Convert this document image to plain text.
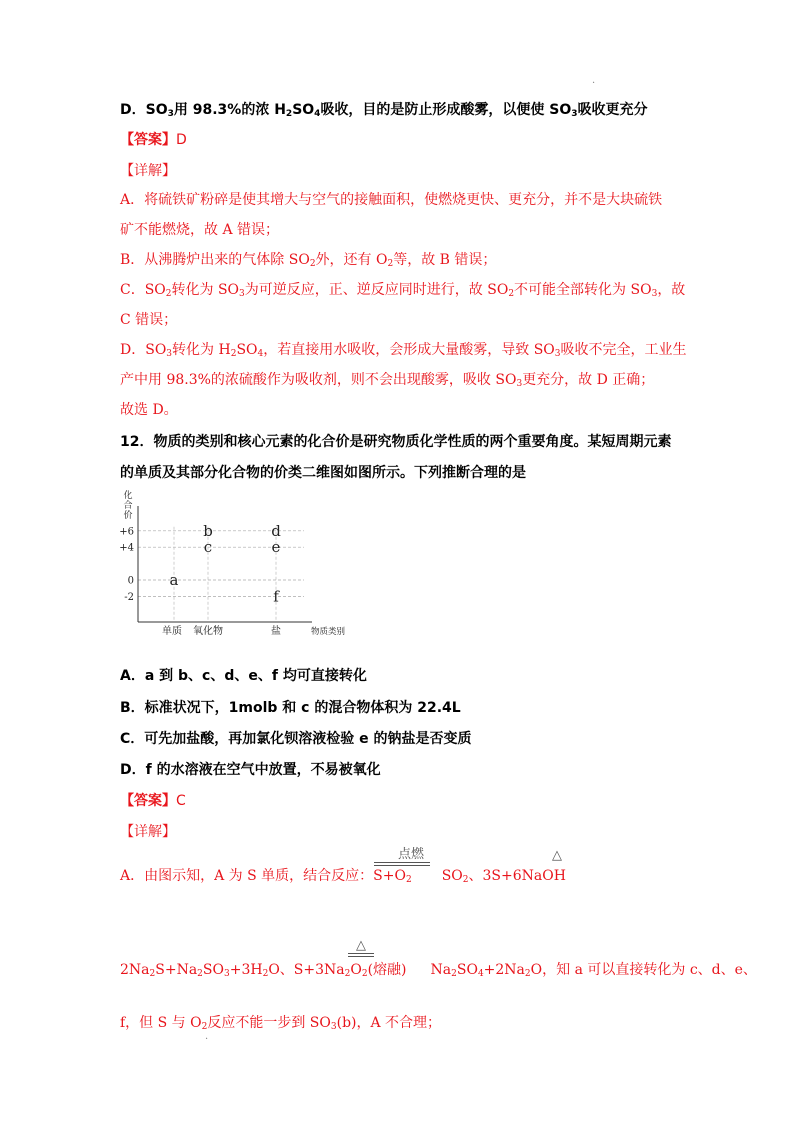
·
D．$SO_3$用 98.3%的浓 $H_2SO_4$吸收，目的是防止形成酸雾，以便使 $SO_3$吸收更充分
【答案】D
【详解】
A．将硫铁矿粉碎是使其增大与空气的接触面积，使燃烧更快、更充分，并不是大块硫铁
矿不能燃烧，故 A 错误；
B．从沸腾炉出来的气体除 $SO_2$外，还有 $O_2$等，故 B 错误；
C．$SO_2$转化为 $SO_3$为可逆反应，正、逆反应同时进行，故 $SO_2$不可能全部转化为 $SO_3$，故
C 错误；
D．$SO_3$转化为 $H_2SO_4$，若直接用水吸收，会形成大量酸雾，导致 $SO_3$吸收不完全，工业生
产中用 98.3%的浓硫酸作为吸收剂，则不会出现酸雾，吸收 $SO_3$更充分，故 D 正确；
故选 D。
12．物质的类别和核心元素的化合价是研究物质化学性质的两个重要角度。某短周期元素
的单质及其部分化合物的价类二维图如图所示。下列推断合理的是
化合价
+6
+4
0
-2
单质 氧化物	盐	物质类别
a
b
c
d
e
f
A．a 到 b、c、d、e、f 均可直接转化
B．标准状况下，1molb 和 c 的混合物体积为 22.4L
C．可先加盐酸，再加氯化钡溶液检验 e 的钠盐是否变质
D．f 的水溶液在空气中放置，不易被氧化
【答案】C
【详解】
点燃	△
A．由图示知，A 为 S 单质，结合反应：$S+O_2$ $SO_2$、3S+6NaOH
△
$2Na_2S+Na_2SO_3+3H_2O$、$S+3Na_2O_2$(熔融) $Na_2SO_4+2Na_2O$，知 a 可以直接转化为 c、d、e、
f，但 S 与 $O_2$反应不能一步到 $SO_3(b)$，A 不合理；
·
